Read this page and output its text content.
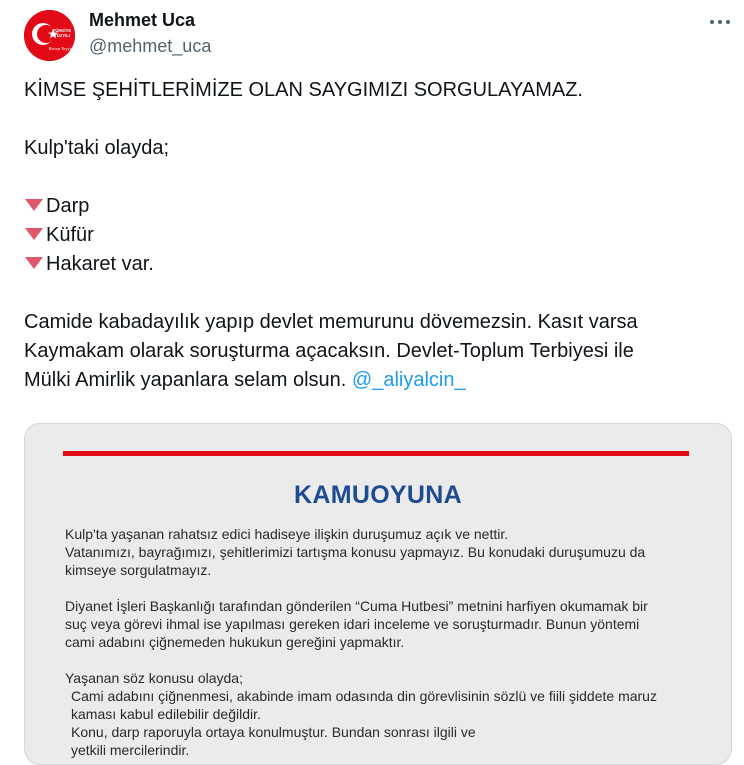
TÜRKİYE
YÜZYILI
Recep Tayyip
Mehmet Uca
@mehmet_uca
KİMSE ŞEHİTLERİMİZE OLAN SAYGIMIZI SORGULAYAMAZ.
Kulp'taki olayda;
Darp
Küfür
Hakaret var.
Camide kabadayılık yapıp devlet memurunu dövemezsin. Kasıt varsa
Kaymakam olarak soruşturma açacaksın. Devlet-Toplum Terbiyesi ile
Mülki Amirlik yapanlara selam olsun. @_aliyalcin_
KAMUOYUNA
Kulp'ta yaşanan rahatsız edici hadiseye ilişkin duruşumuz açık ve nettir.
Vatanımızı, bayrağımızı, şehitlerimizi tartışma konusu yapmayız. Bu konudaki duruşumuzu da
kimseye sorgulatmayız.
Diyanet İşleri Başkanlığı tarafından gönderilen “Cuma Hutbesi” metnini harfiyen okumamak bir
suç veya görevi ihmal ise yapılması gereken idari inceleme ve soruşturmadır. Bunun yöntemi
cami adabını çiğnemeden hukukun gereğini yapmaktır.
Yaşanan söz konusu olayda;
Cami adabını çiğnenmesi, akabinde imam odasında din görevlisinin sözlü ve fiili şiddete maruz
kaması kabul edilebilir değildir.
Konu, darp raporuyla ortaya konulmuştur. Bundan sonrası ilgili ve
yetkili mercilerindir.
